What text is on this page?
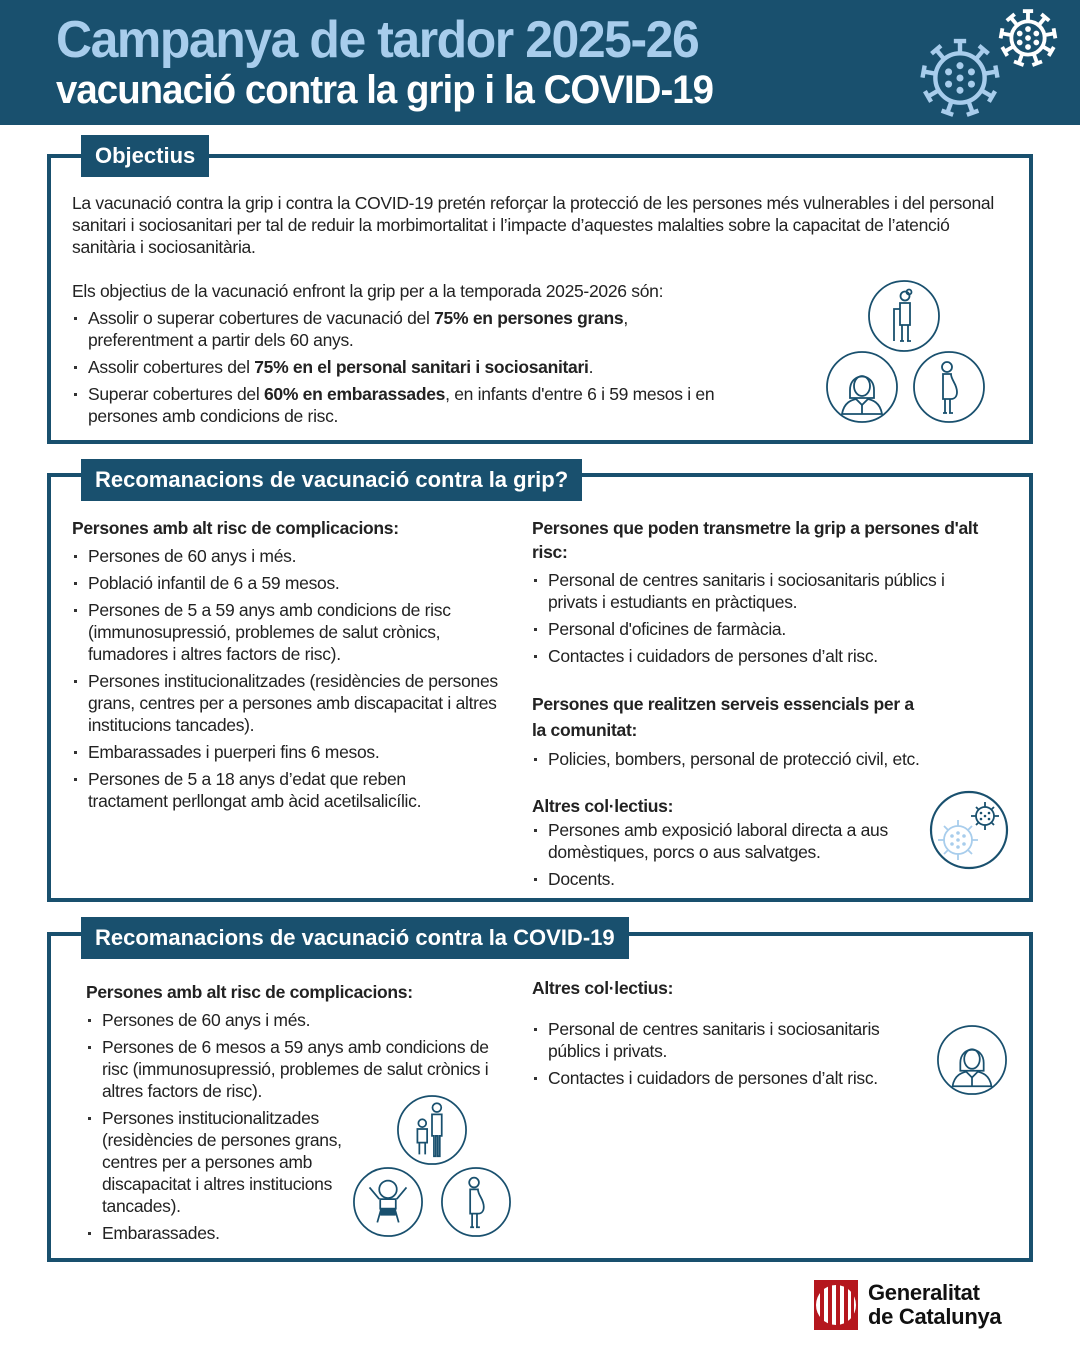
Campanya de tardor 2025-26
vacunació contra la grip i la COVID-19
Objectius
La vacunació contra la grip i contra la COVID-19 pretén reforçar la protecció de les persones més vulnerables i del personal sanitari i sociosanitari per tal de reduir la morbimortalitat i l’impacte d’aquestes malalties sobre la capacitat de l’atenció sanitària i sociosanitària.
Els objectius de la vacunació enfront la grip per a la temporada 2025-2026 són:
Assolir o superar cobertures de vacunació del 75% en persones grans, preferentment a partir dels 60 anys.
Assolir cobertures del 75% en el personal sanitari i sociosanitari.
Superar cobertures del 60% en embarassades, en infants d'entre 6 i 59 mesos i en persones amb condicions de risc.
Recomanacions de vacunació contra la grip?
Persones amb alt risc de complicacions:
Persones de 60 anys i més.
Població infantil de 6 a 59 mesos.
Persones de 5 a 59 anys amb condicions de risc (immunosupressió, problemes de salut crònics, fumadores i altres factors de risc).
Persones institucionalitzades (residències de persones grans, centres per a persones amb discapacitat i altres institucions tancades).
Embarassades i puerperi fins 6 mesos.
Persones de 5 a 18 anys d’edat que reben tractament perllongat amb àcid acetilsalicílic.
Persones que poden transmetre la grip a persones d'alt risc:
Personal de centres sanitaris i sociosanitaris públics i privats i estudiants en pràctiques.
Personal d'oficines de farmàcia.
Contactes i cuidadors de persones d’alt risc.
Persones que realitzen serveis essencials per a la comunitat:
Policies, bombers, personal de protecció civil, etc.
Altres col·lectius:
Persones amb exposició laboral directa a aus domèstiques, porcs o aus salvatges.
Docents.
Recomanacions de vacunació contra la COVID-19
Persones amb alt risc de complicacions:
Persones de 60 anys i més.
Persones de 6 mesos a 59 anys amb condicions de risc (immunosupressió, problemes de salut crònics i altres factors de risc).
Persones institucionalitzades (residències de persones grans, centres per a persones amb discapacitat i altres institucions tancades).
Embarassades.
Altres col·lectius:
Personal de centres sanitaris i sociosanitaris públics i privats.
Contactes i cuidadors de persones d’alt risc.
Generalitat
de Catalunya
